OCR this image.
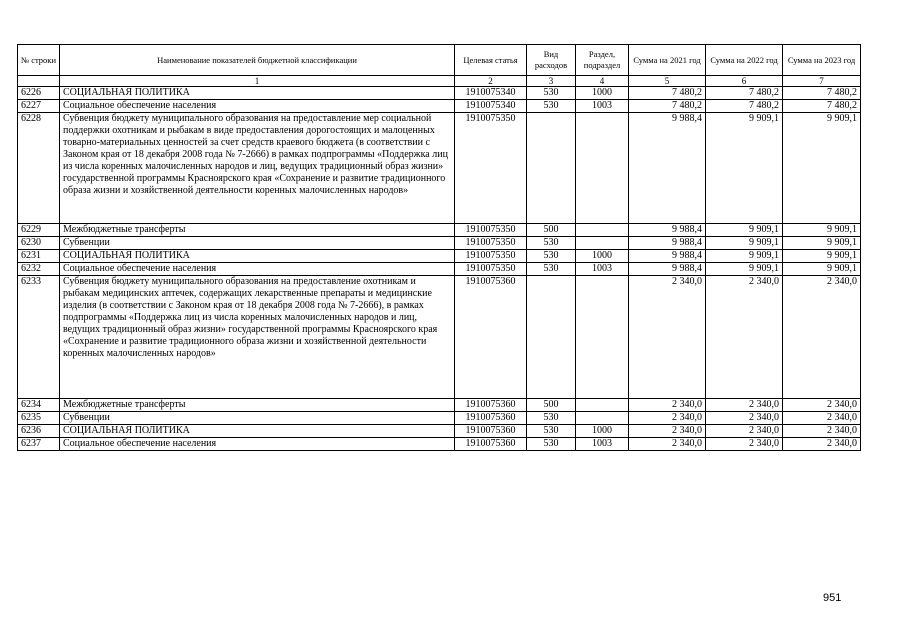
№ строки	Наименование показателей бюджетной классификации	Целевая статья	Вид расходов	Раздел, подраздел	Сумма на 2021 год	Сумма на 2022 год	Сумма на 2023 год
	1	2	3	4	5	6	7
6226	СОЦИАЛЬНАЯ ПОЛИТИКА	1910075340	530	1000	7 480,2	7 480,2	7 480,2
6227	Социальное обеспечение населения	1910075340	530	1003	7 480,2	7 480,2	7 480,2
6228	Субвенция бюджету муниципального образования на предоставление мер социальной поддержки охотникам и рыбакам в виде предоставления дорогостоящих и малоценных товарно-материальных ценностей за счет средств краевого бюджета (в соответствии с Законом края от 18 декабря 2008 года № 7-2666) в рамках подпрограммы «Поддержка лиц из числа коренных малочисленных народов и лиц, ведущих традиционный образ жизни» государственной программы Красноярского края «Сохранение и развитие традиционного образа жизни и хозяйственной деятельности коренных малочисленных народов»	1910075350			9 988,4	9 909,1	9 909,1
6229	Межбюджетные трансферты	1910075350	500		9 988,4	9 909,1	9 909,1
6230	Субвенции	1910075350	530		9 988,4	9 909,1	9 909,1
6231	СОЦИАЛЬНАЯ ПОЛИТИКА	1910075350	530	1000	9 988,4	9 909,1	9 909,1
6232	Социальное обеспечение населения	1910075350	530	1003	9 988,4	9 909,1	9 909,1
6233	Субвенция бюджету муниципального образования на предоставление охотникам и рыбакам медицинских аптечек, содержащих лекарственные препараты и медицинские изделия (в соответствии с Законом края от 18 декабря 2008 года № 7-2666), в рамках подпрограммы «Поддержка лиц из числа коренных малочисленных народов и лиц, ведущих традиционный образ жизни» государственной программы Красноярского края «Сохранение и развитие традиционного образа жизни и хозяйственной деятельности коренных малочисленных народов»	1910075360			2 340,0	2 340,0	2 340,0
6234	Межбюджетные трансферты	1910075360	500		2 340,0	2 340,0	2 340,0
6235	Субвенции	1910075360	530		2 340,0	2 340,0	2 340,0
6236	СОЦИАЛЬНАЯ ПОЛИТИКА	1910075360	530	1000	2 340,0	2 340,0	2 340,0
6237	Социальное обеспечение населения	1910075360	530	1003	2 340,0	2 340,0	2 340,0
951
